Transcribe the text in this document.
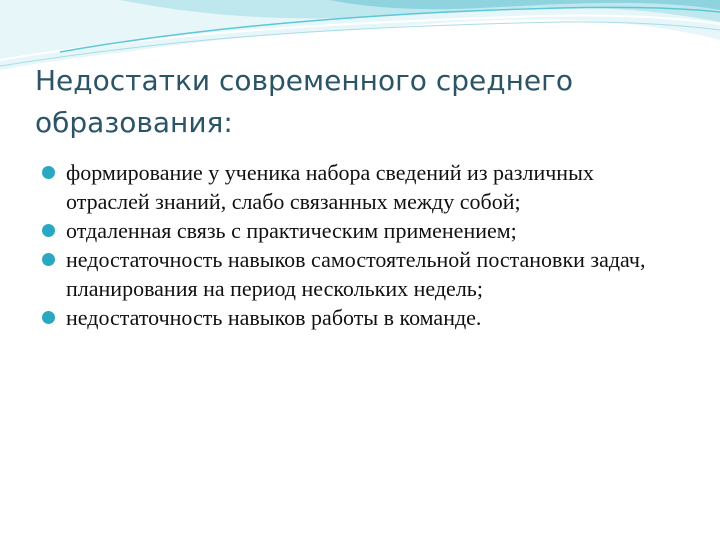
Недостатки современного среднего образования:
формирование у ученика набора сведений из различных отраслей знаний, слабо связанных между собой;
отдаленная связь с практическим применением;
недостаточность навыков самостоятельной постановки задач, планирования на период нескольких недель;
недостаточность навыков работы в команде.
